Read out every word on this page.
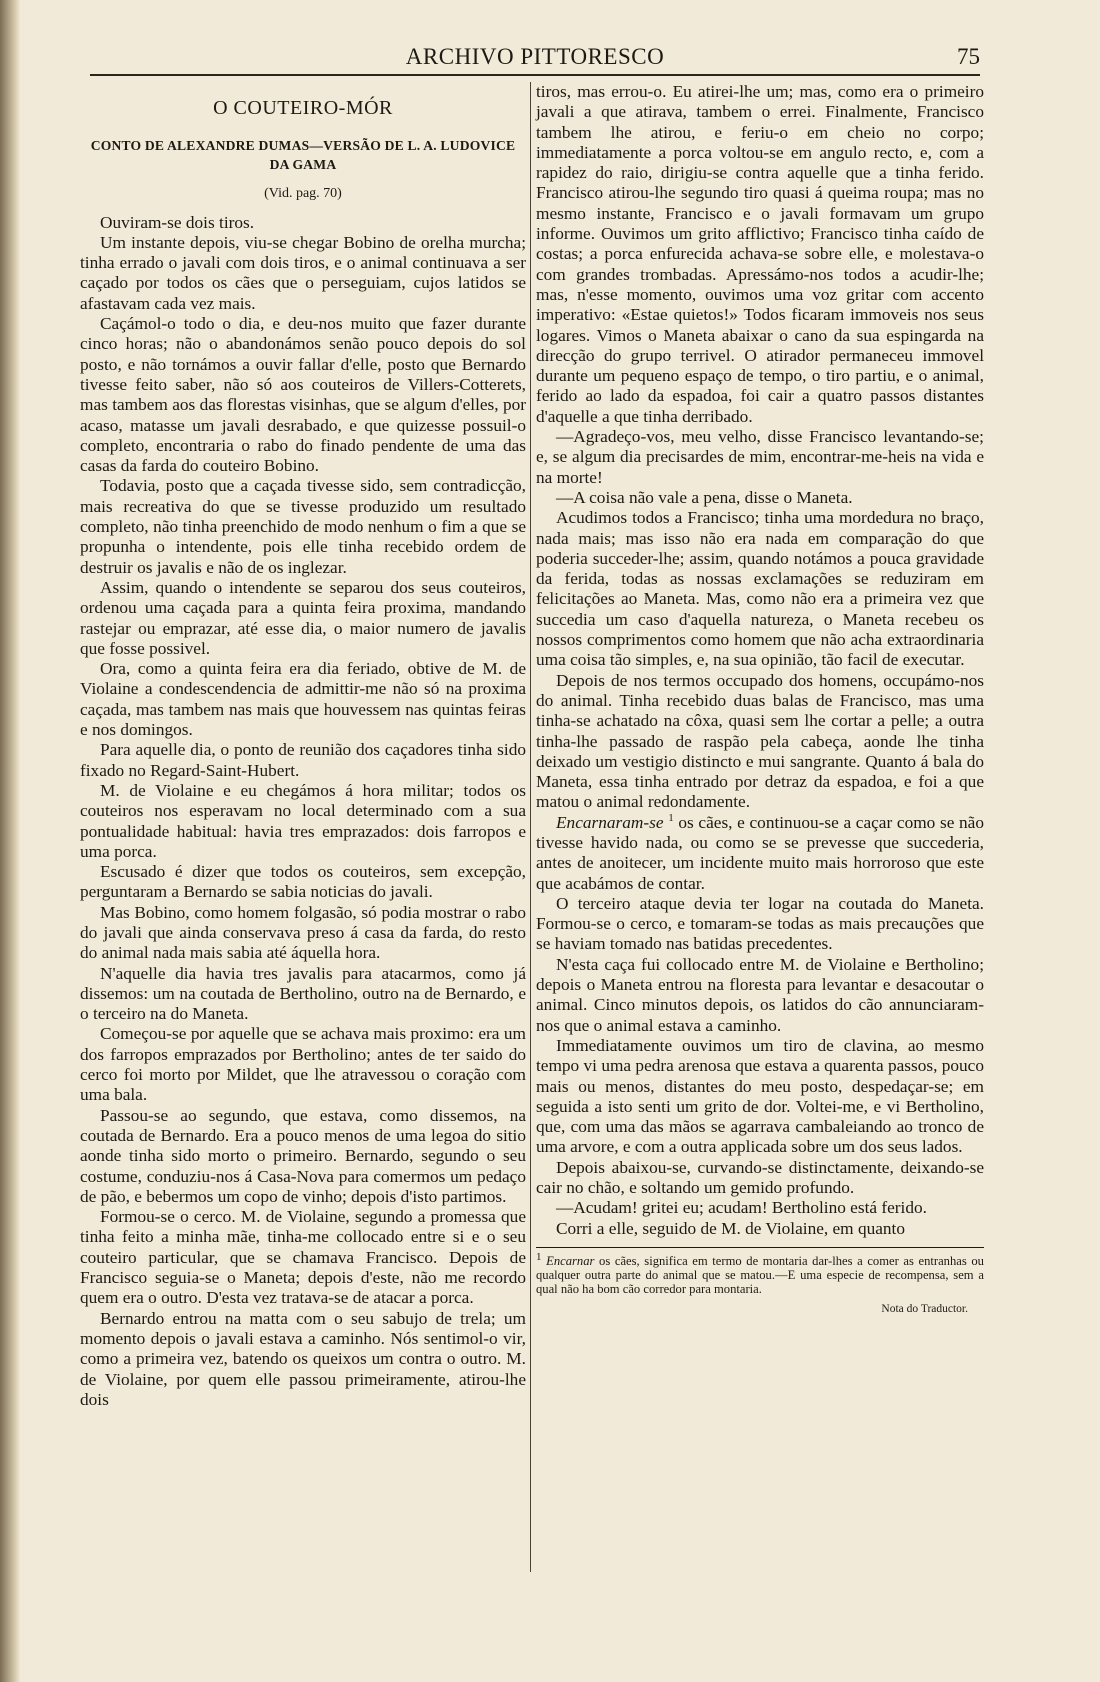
ARCHIVO PITTORESCO	75
O COUTEIRO-MÓR
CONTO DE ALEXANDRE DUMAS—VERSÃO DE L. A. LUDOVICE
DA GAMA
(Vid. pag. 70)

Ouviram-se dois tiros.

Um instante depois, viu-se chegar Bobino de orelha murcha; tinha errado o javali com dois tiros, e o animal continuava a ser caçado por todos os cães que o perseguiam, cujos latidos se afastavam cada vez mais.

Caçámol-o todo o dia, e deu-nos muito que fazer durante cinco horas; não o abandonámos senão pouco depois do sol posto, e não tornámos a ouvir fallar d'elle, posto que Bernardo tivesse feito saber, não só aos couteiros de Villers-Cotterets, mas tambem aos das florestas visinhas, que se algum d'elles, por acaso, matasse um javali desrabado, e que quizesse possuil-o completo, encontraria o rabo do finado pendente de uma das casas da farda do couteiro Bobino.

Todavia, posto que a caçada tivesse sido, sem contradicção, mais recreativa do que se tivesse produzido um resultado completo, não tinha preenchido de modo nenhum o fim a que se propunha o intendente, pois elle tinha recebido ordem de destruir os javalis e não de os inglezar.

Assim, quando o intendente se separou dos seus couteiros, ordenou uma caçada para a quinta feira proxima, mandando rastejar ou emprazar, até esse dia, o maior numero de javalis que fosse possivel.

Ora, como a quinta feira era dia feriado, obtive de M. de Violaine a condescendencia de admittir-me não só na proxima caçada, mas tambem nas mais que houvessem nas quintas feiras e nos domingos.

Para aquelle dia, o ponto de reunião dos caçadores tinha sido fixado no Regard-Saint-Hubert.

M. de Violaine e eu chegámos á hora militar; todos os couteiros nos esperavam no local determinado com a sua pontualidade habitual: havia tres emprazados: dois farropos e uma porca.

Escusado é dizer que todos os couteiros, sem excepção, perguntaram a Bernardo se sabia noticias do javali.

Mas Bobino, como homem folgasão, só podia mostrar o rabo do javali que ainda conservava preso á casa da farda, do resto do animal nada mais sabia até áquella hora.

N'aquelle dia havia tres javalis para atacarmos, como já dissemos: um na coutada de Bertholino, outro na de Bernardo, e o terceiro na do Maneta.

Começou-se por aquelle que se achava mais proximo: era um dos farropos emprazados por Bertholino; antes de ter saido do cerco foi morto por Mildet, que lhe atravessou o coração com uma bala.

Passou-se ao segundo, que estava, como dissemos, na coutada de Bernardo. Era a pouco menos de uma legoa do sitio aonde tinha sido morto o primeiro. Bernardo, segundo o seu costume, conduziu-nos á Casa-Nova para comermos um pedaço de pão, e bebermos um copo de vinho; depois d'isto partimos.

Formou-se o cerco. M. de Violaine, segundo a promessa que tinha feito a minha mãe, tinha-me collocado entre si e o seu couteiro particular, que se chamava Francisco. Depois de Francisco seguia-se o Maneta; depois d'este, não me recordo quem era o outro. D'esta vez tratava-se de atacar a porca.

Bernardo entrou na matta com o seu sabujo de trela; um momento depois o javali estava a caminho. Nós sentimol-o vir, como a primeira vez, batendo os queixos um contra o outro. M. de Violaine, por quem elle passou primeiramente, atirou-lhe dois

tiros, mas errou-o. Eu atirei-lhe um; mas, como era o primeiro javali a que atirava, tambem o errei. Finalmente, Francisco tambem lhe atirou, e feriu-o em cheio no corpo; immediatamente a porca voltou-se em angulo recto, e, com a rapidez do raio, dirigiu-se contra aquelle que a tinha ferido. Francisco atirou-lhe segundo tiro quasi á queima roupa; mas no mesmo instante, Francisco e o javali formavam um grupo informe. Ouvimos um grito afflictivo; Francisco tinha caído de costas; a porca enfurecida achava-se sobre elle, e molestava-o com grandes trombadas. Apressámo-nos todos a acudir-lhe; mas, n'esse momento, ouvimos uma voz gritar com accento imperativo: «Estae quietos!» Todos ficaram immoveis nos seus logares. Vimos o Maneta abaixar o cano da sua espingarda na direcção do grupo terrivel. O atirador permaneceu immovel durante um pequeno espaço de tempo, o tiro partiu, e o animal, ferido ao lado da espadoa, foi cair a quatro passos distantes d'aquelle a que tinha derribado.

—Agradeço-vos, meu velho, disse Francisco levantando-se; e, se algum dia precisardes de mim, encontrar-me-heis na vida e na morte!

—A coisa não vale a pena, disse o Maneta.

Acudimos todos a Francisco; tinha uma mordedura no braço, nada mais; mas isso não era nada em comparação do que poderia succeder-lhe; assim, quando notámos a pouca gravidade da ferida, todas as nossas exclamações se reduziram em felicitações ao Maneta. Mas, como não era a primeira vez que succedia um caso d'aquella natureza, o Maneta recebeu os nossos comprimentos como homem que não acha extraordinaria uma coisa tão simples, e, na sua opinião, tão facil de executar.

Depois de nos termos occupado dos homens, occupámo-nos do animal. Tinha recebido duas balas de Francisco, mas uma tinha-se achatado na côxa, quasi sem lhe cortar a pelle; a outra tinha-lhe passado de raspão pela cabeça, aonde lhe tinha deixado um vestigio distincto e mui sangrante. Quanto á bala do Maneta, essa tinha entrado por detraz da espadoa, e foi a que matou o animal redondamente.

Encarnaram-se $^1$ os cães, e continuou-se a caçar como se não tivesse havido nada, ou como se se prevesse que succederia, antes de anoitecer, um incidente muito mais horroroso que este que acabámos de contar.

O terceiro ataque devia ter logar na coutada do Maneta. Formou-se o cerco, e tomaram-se todas as mais precauções que se haviam tomado nas batidas precedentes.

N'esta caça fui collocado entre M. de Violaine e Bertholino; depois o Maneta entrou na floresta para levantar e desacoutar o animal. Cinco minutos depois, os latidos do cão annunciaram-nos que o animal estava a caminho.

Immediatamente ouvimos um tiro de clavina, ao mesmo tempo vi uma pedra arenosa que estava a quarenta passos, pouco mais ou menos, distantes do meu posto, despedaçar-se; em seguida a isto senti um grito de dor. Voltei-me, e vi Bertholino, que, com uma das mãos se agarrava cambaleiando ao tronco de uma arvore, e com a outra applicada sobre um dos seus lados.

Depois abaixou-se, curvando-se distinctamente, deixando-se cair no chão, e soltando um gemido profundo.

—Acudam! gritei eu; acudam! Bertholino está ferido.

Corri a elle, seguido de M. de Violaine, em quanto

1 Encarnar os cães, significa em termo de montaria dar-lhes a comer as entranhas ou qualquer outra parte do animal que se matou.—E uma especie de recompensa, sem a qual não ha bom cão corredor para montaria.
Nota do Traductor.
